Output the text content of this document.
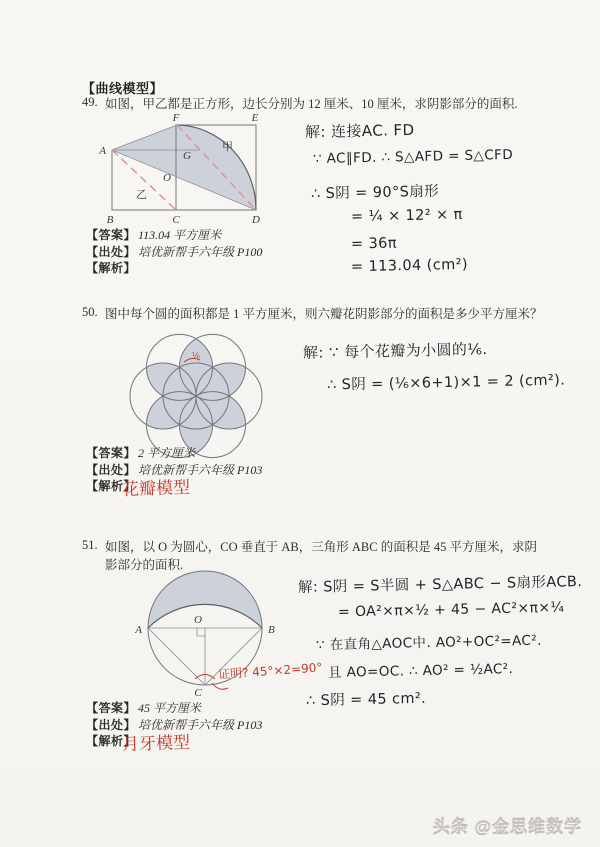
【曲线模型】
49. 如图，甲乙都是正方形，边长分别为 12 厘米、10 厘米，求阴影部分的面积.
A
B	C	D
E
F
G
O
甲
乙
解: 连接AC. FD
∵ AC∥FD. ∴ S△AFD = S△CFD
∴ S阴 = 90°S扇形
= ¼ × 12² × π
= 36π
= 113.04 (cm²)
【答案】 113.04 平方厘米
【出处】 培优新帮手六年级 P100
【解析】
50. 图中每个圆的面积都是 1 平方厘米，则六瓣花阴影部分的面积是多少平方厘米？
⅙	解: ∵ 每个花瓣为小圆的⅙.
∴ S阴 = (⅙×6+1)×1 = 2 (cm²).
【答案】 2 平方厘米
【出处】 培优新帮手六年级 P103
【解析】
花瓣模型
51. 如图，以 O 为圆心，CO 垂直于 AB，三角形 ABC 的面积是 45 平方厘米，求阴影部分的面积.
O
A	B
C
证明? 45°×2=90°
解: S阴 = S半圆 + S△ABC − S扇形ACB.
= OA²×π×½ + 45 − AC²×π×¼
∵ 在直角△AOC中. AO²+OC²=AC².
且 AO=OC. ∴ AO² = ½AC².
∴ S阴 = 45 cm².
【答案】 45 平方厘米
【出处】 培优新帮手六年级 P103
【解析】
月牙模型
头条 @金思维数学
